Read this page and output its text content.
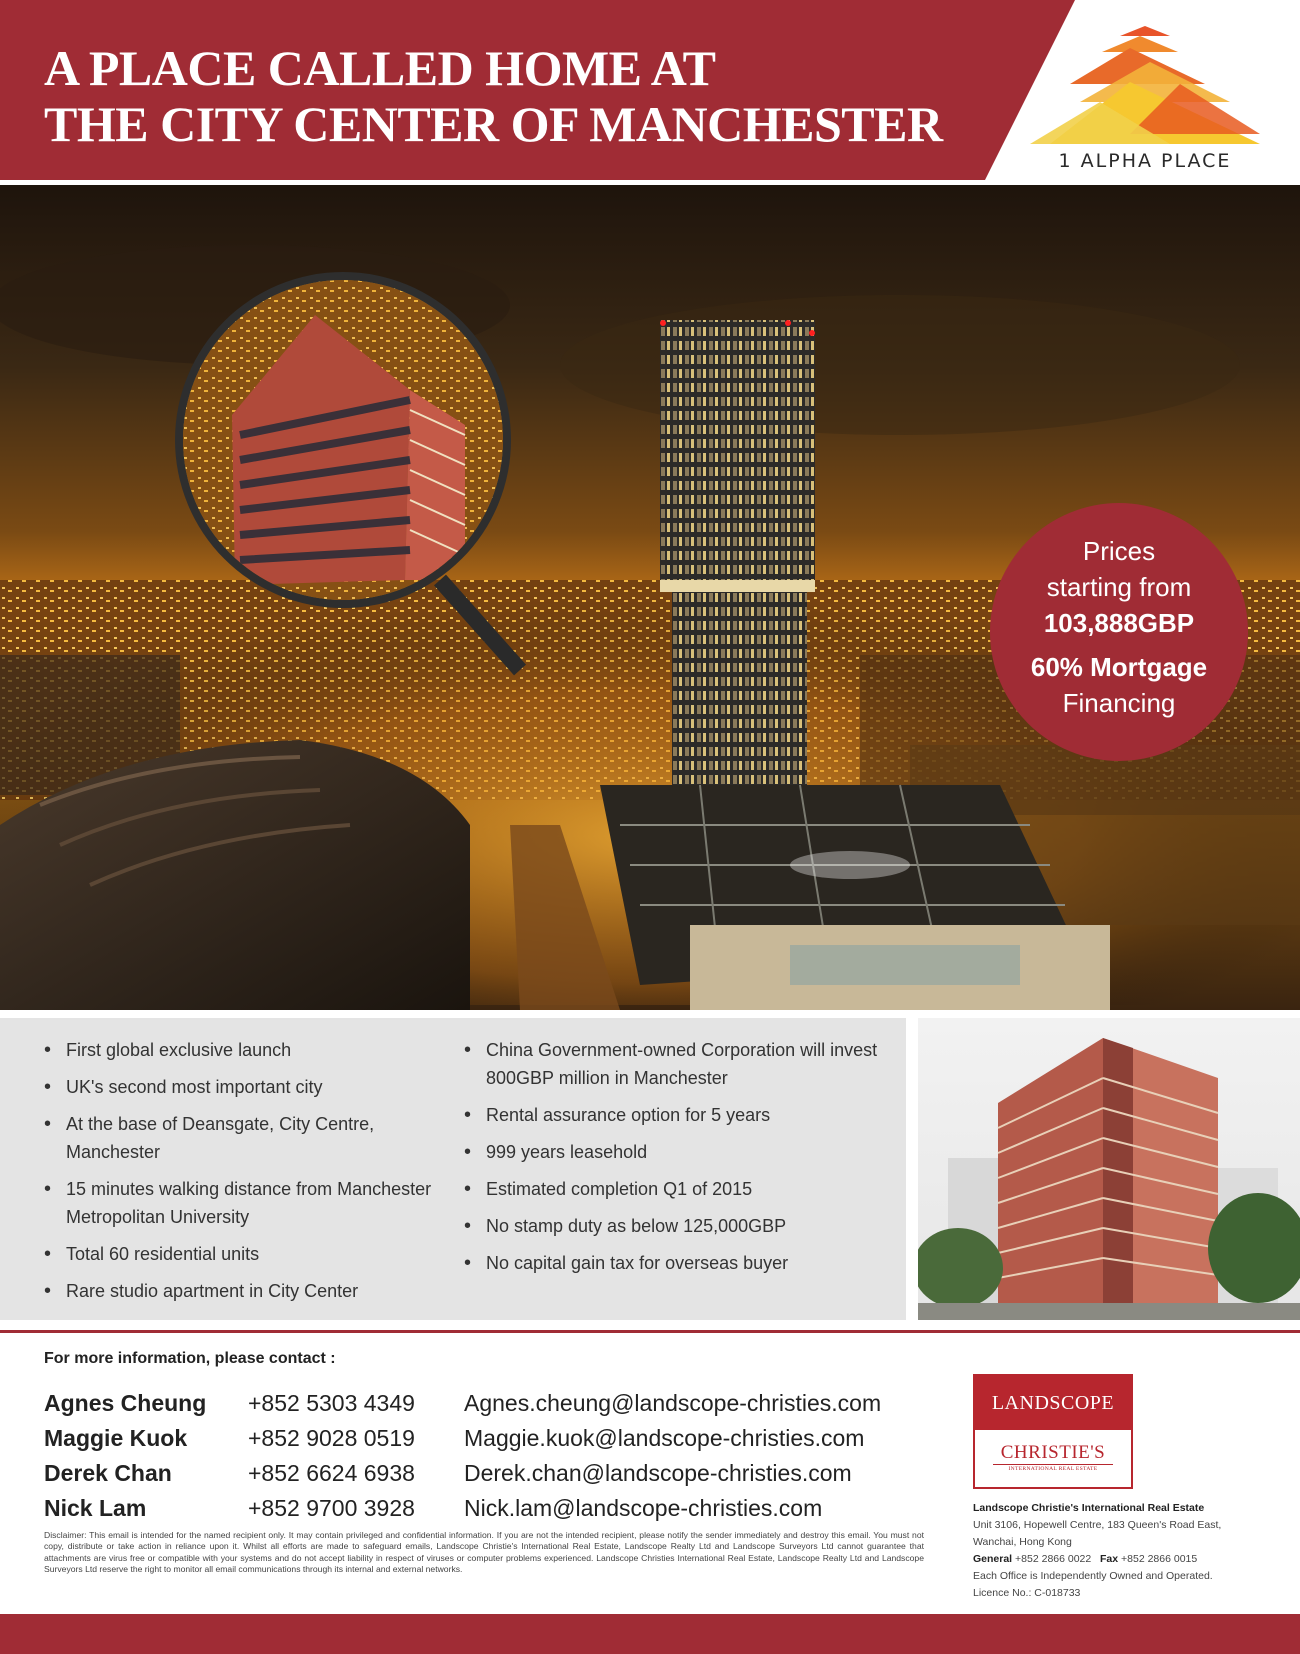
A PLACE CALLED HOME AT
THE CITY CENTER OF MANCHESTER
1 ALPHA PLACE
Prices
starting from
103,888GBP
60% Mortgage
Financing
• First global exclusive launch
• UK's second most important city
• At the base of Deansgate, City Centre, Manchester
• 15 minutes walking distance from Manchester Metropolitan University
• Total 60 residential units
• Rare studio apartment in City Center
• China Government-owned Corporation will invest 800GBP million in Manchester
• Rental assurance option for 5 years
• 999 years leasehold
• Estimated completion Q1 of 2015
• No stamp duty as below 125,000GBP
• No capital gain tax for overseas buyer
For more information, please contact :
Agnes Cheung +852 5303 4349 Agnes.cheung@landscope-christies.com
Maggie Kuok	+852 9028 0519 Maggie.kuok@landscope-christies.com
Derek Chan	+852 6624 6938 Derek.chan@landscope-christies.com
Nick Lam	+852 9700 3928 Nick.lam@landscope-christies.com
Disclaimer: This email is intended for the named recipient only. It may contain privileged and confidential information. If you are not the intended recipient, please notify the sender immediately and destroy this email. You must not copy, distribute or take action in reliance upon it. Whilst all efforts are made to safeguard emails, Landscope Christie's International Real Estate, Landscope Realty Ltd and Landscope Surveyors Ltd cannot guarantee that attachments are virus free or compatible with your systems and do not accept liability in respect of viruses or computer problems experienced. Landscope Christies International Real Estate, Landscope Realty Ltd and Landscope Surveyors Ltd reserve the right to monitor all email communications through its internal and external networks.
LANDSCOPE
CHRISTIE'S
INTERNATIONAL REAL ESTATE
Landscope Christie's International Real Estate
Unit 3106, Hopewell Centre, 183 Queen's Road East,
Wanchai, Hong Kong
General +852 2866 0022 Fax +852 2866 0015
Each Office is Independently Owned and Operated.
Licence No.: C-018733
